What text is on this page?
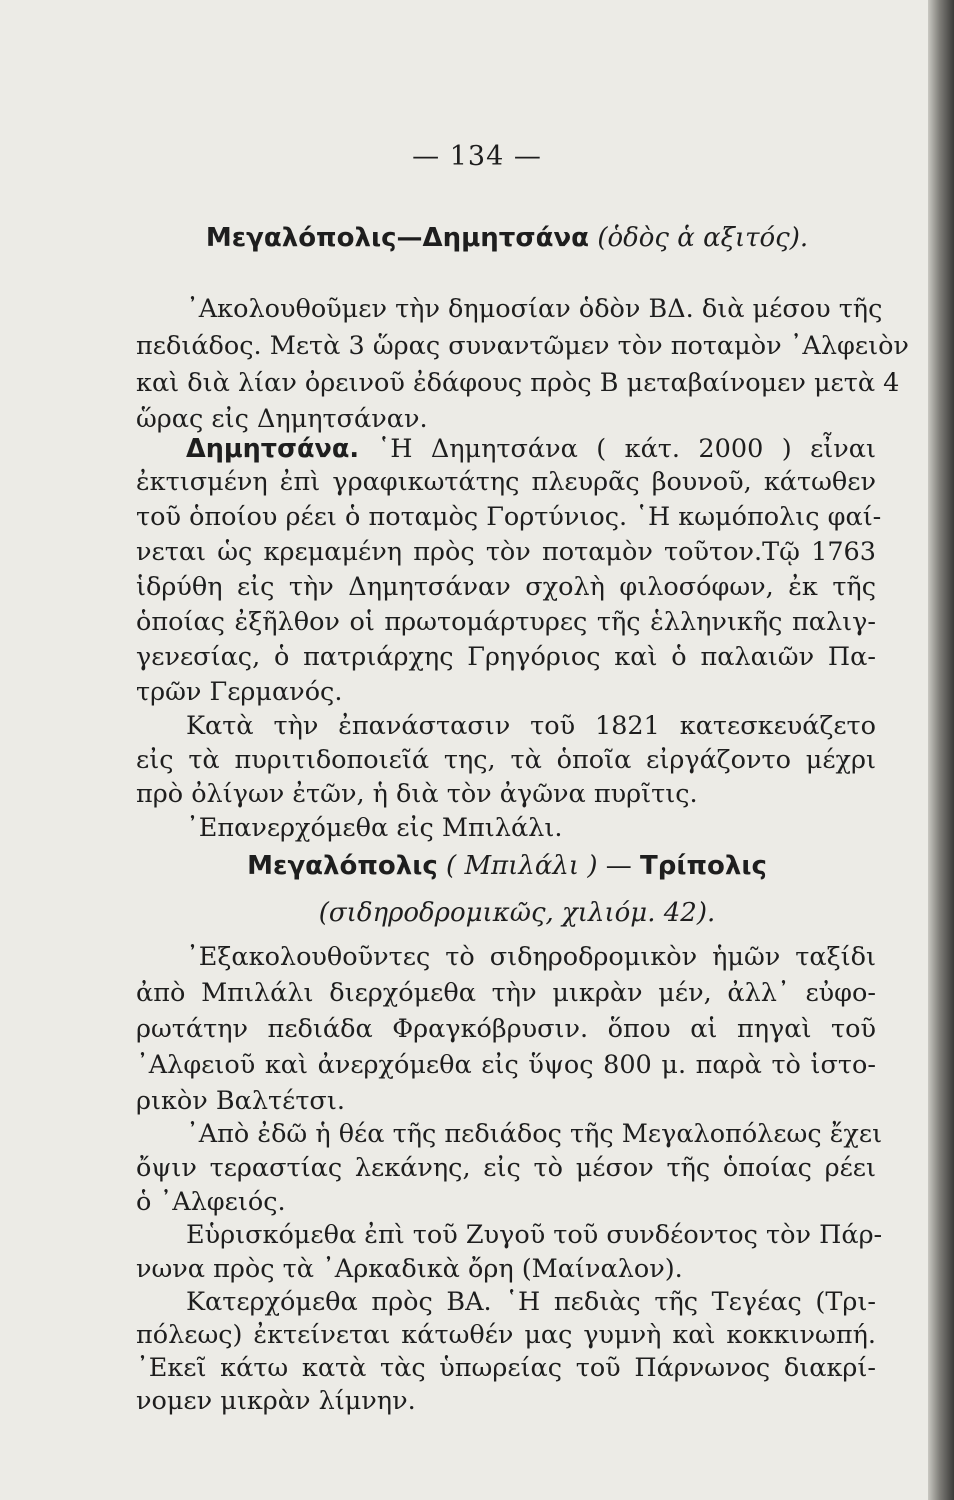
— 134 —
Μεγαλόπολις—Δημητσάνα (ὁδὸς ἁ αξιτός).
᾿Ακολουθοῦμεν τὴν δημοσίαν ὁδὸν ΒΔ. διὰ μέσου τῆς
πεδιάδος. Μετὰ 3 ὥρας συναντῶμεν τὸν ποταμὸν ᾿Αλφειὸν
καὶ διὰ λίαν ὀρεινοῦ ἐδάφους πρὸς Β μεταβαίνομεν μετὰ 4
ὥρας εἰς Δημητσάναν.
Δημητσάνα. ῾Η Δημητσάνα ( κάτ. 2000 ) εἶναι
ἐκτισμένη ἐπὶ γραφικωτάτης πλευρᾶς βουνοῦ, κάτωθεν
τοῦ ὁποίου ρέει ὁ ποταμὸς Γορτύνιος. ῾Η κωμόπολις φαί-
νεται ὡς κρεμαμένη πρὸς τὸν ποταμὸν τοῦτον.Τῷ 1763
ἱδρύθη εἰς τὴν Δημητσάναν σχολὴ φιλοσόφων, ἐκ τῆς
ὁποίας ἐξῆλθον οἱ πρωτομάρτυρες τῆς ἑλληνικῆς παλιγ-
γενεσίας, ὁ πατριάρχης Γρηγόριος καὶ ὁ παλαιῶν Πα-
τρῶν Γερμανός.
Κατὰ τὴν ἐπανάστασιν τοῦ 1821 κατεσκευάζετο
εἰς τὰ πυριτιδοποιεῖά της, τὰ ὁποῖα εἰργάζοντο μέχρι
πρὸ ὀλίγων ἐτῶν, ἡ διὰ τὸν ἀγῶνα πυρῖτις.
᾿Επανερχόμεθα εἰς Μπιλάλι.
Μεγαλόπολις ( Μπιλάλι ) — Τρίπολις
(σιδηροδρομικῶς, χιλιόμ. 42).
᾿Εξακολουθοῦντες τὸ σιδηροδρομικὸν ἡμῶν ταξίδι
ἀπὸ Μπιλάλι διερχόμεθα τὴν μικρὰν μέν, ἀλλ᾿ εὐφο-
ρωτάτην πεδιάδα Φραγκόβρυσιν. ὅπου αἱ πηγαὶ τοῦ
᾿Αλφειοῦ καὶ ἀνερχόμεθα εἰς ὕψος 800 μ. παρὰ τὸ ἱστο-
ρικὸν Βαλτέτσι.
᾿Απὸ ἐδῶ ἡ θέα τῆς πεδιάδος τῆς Μεγαλοπόλεως ἔχει
ὄψιν τεραστίας λεκάνης, εἰς τὸ μέσον τῆς ὁποίας ρέει
ὁ ᾿Αλφειός.
Εὑρισκόμεθα ἐπὶ τοῦ Ζυγοῦ τοῦ συνδέοντος τὸν Πάρ-
νωνα πρὸς τὰ ᾿Αρκαδικὰ ὄρη (Μαίναλον).
Κατερχόμεθα πρὸς ΒΑ. ῾Η πεδιὰς τῆς Τεγέας (Τρι-
πόλεως) ἐκτείνεται κάτωθέν μας γυμνὴ καὶ κοκκινωπή.
᾿Εκεῖ κάτω κατὰ τὰς ὑπωρείας τοῦ Πάρνωνος διακρί-
νομεν μικρὰν λίμνην.
